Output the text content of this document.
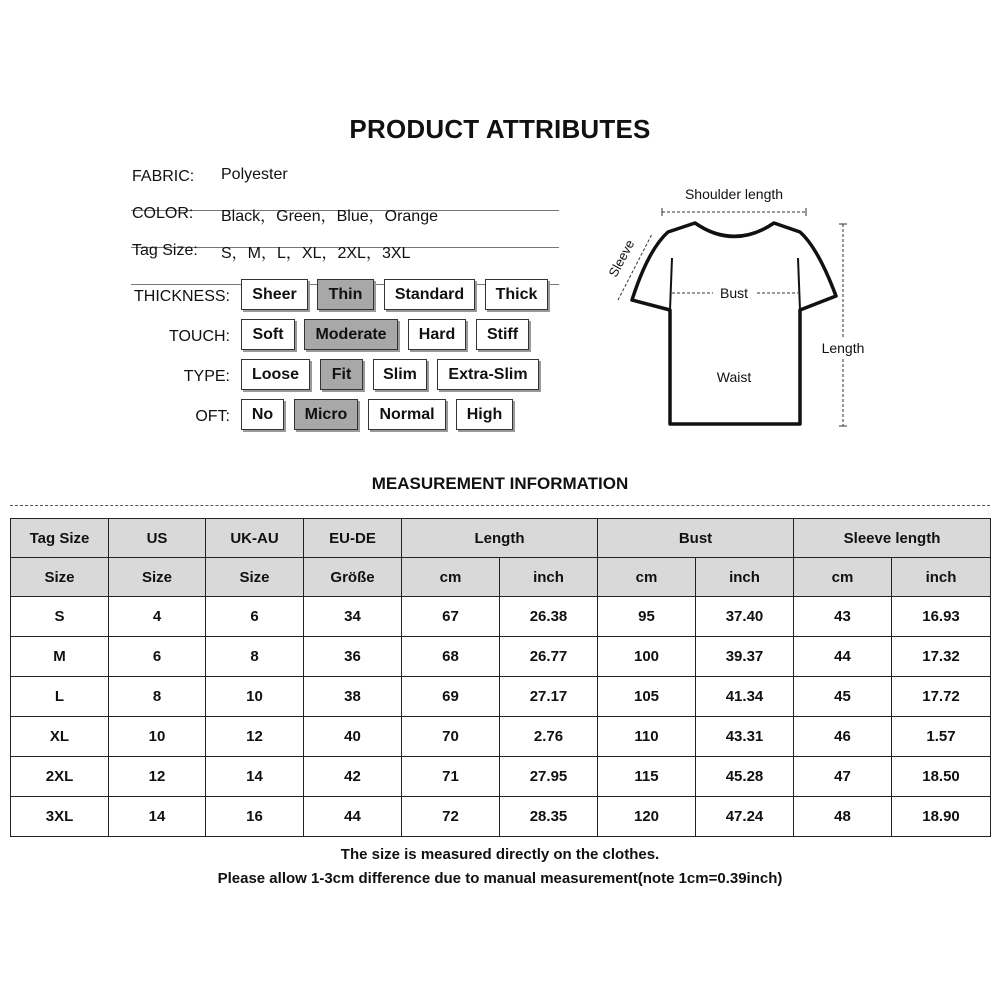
PRODUCT ATTRIBUTES
FABRIC: Polyester
COLOR: Black，Green，Blue，Orange
Tag Size: S，M，L，XL，2XL，3XL
THICKNESS:	Sheer	Thin	Standard	Thick
TOUCH:	Soft	Moderate	Hard	Stiff
TYPE:	Loose	Fit	Slim	Extra-Slim
OFT:	No	Micro	Normal	High
Shoulder length
Sleeve
Bust
Waist
Length
MEASUREMENT INFORMATION
Tag Size	US	UK-AU	EU-DE	Length		Bust		Sleeve length	
Size	Size	Size	Größe	cm	inch	cm	inch	cm	inch
S	4	6	34	67	26.38	95	37.40	43	16.93
M	6	8	36	68	26.77	100	39.37	44	17.32
L	8	10	38	69	27.17	105	41.34	45	17.72
XL	10	12	40	70	2.76	110	43.31	46	1.57
2XL	12	14	42	71	27.95	115	45.28	47	18.50
3XL	14	16	44	72	28.35	120	47.24	48	18.90
The size is measured directly on the clothes.
Please allow 1-3cm difference due to manual measurement(note 1cm=0.39inch)
